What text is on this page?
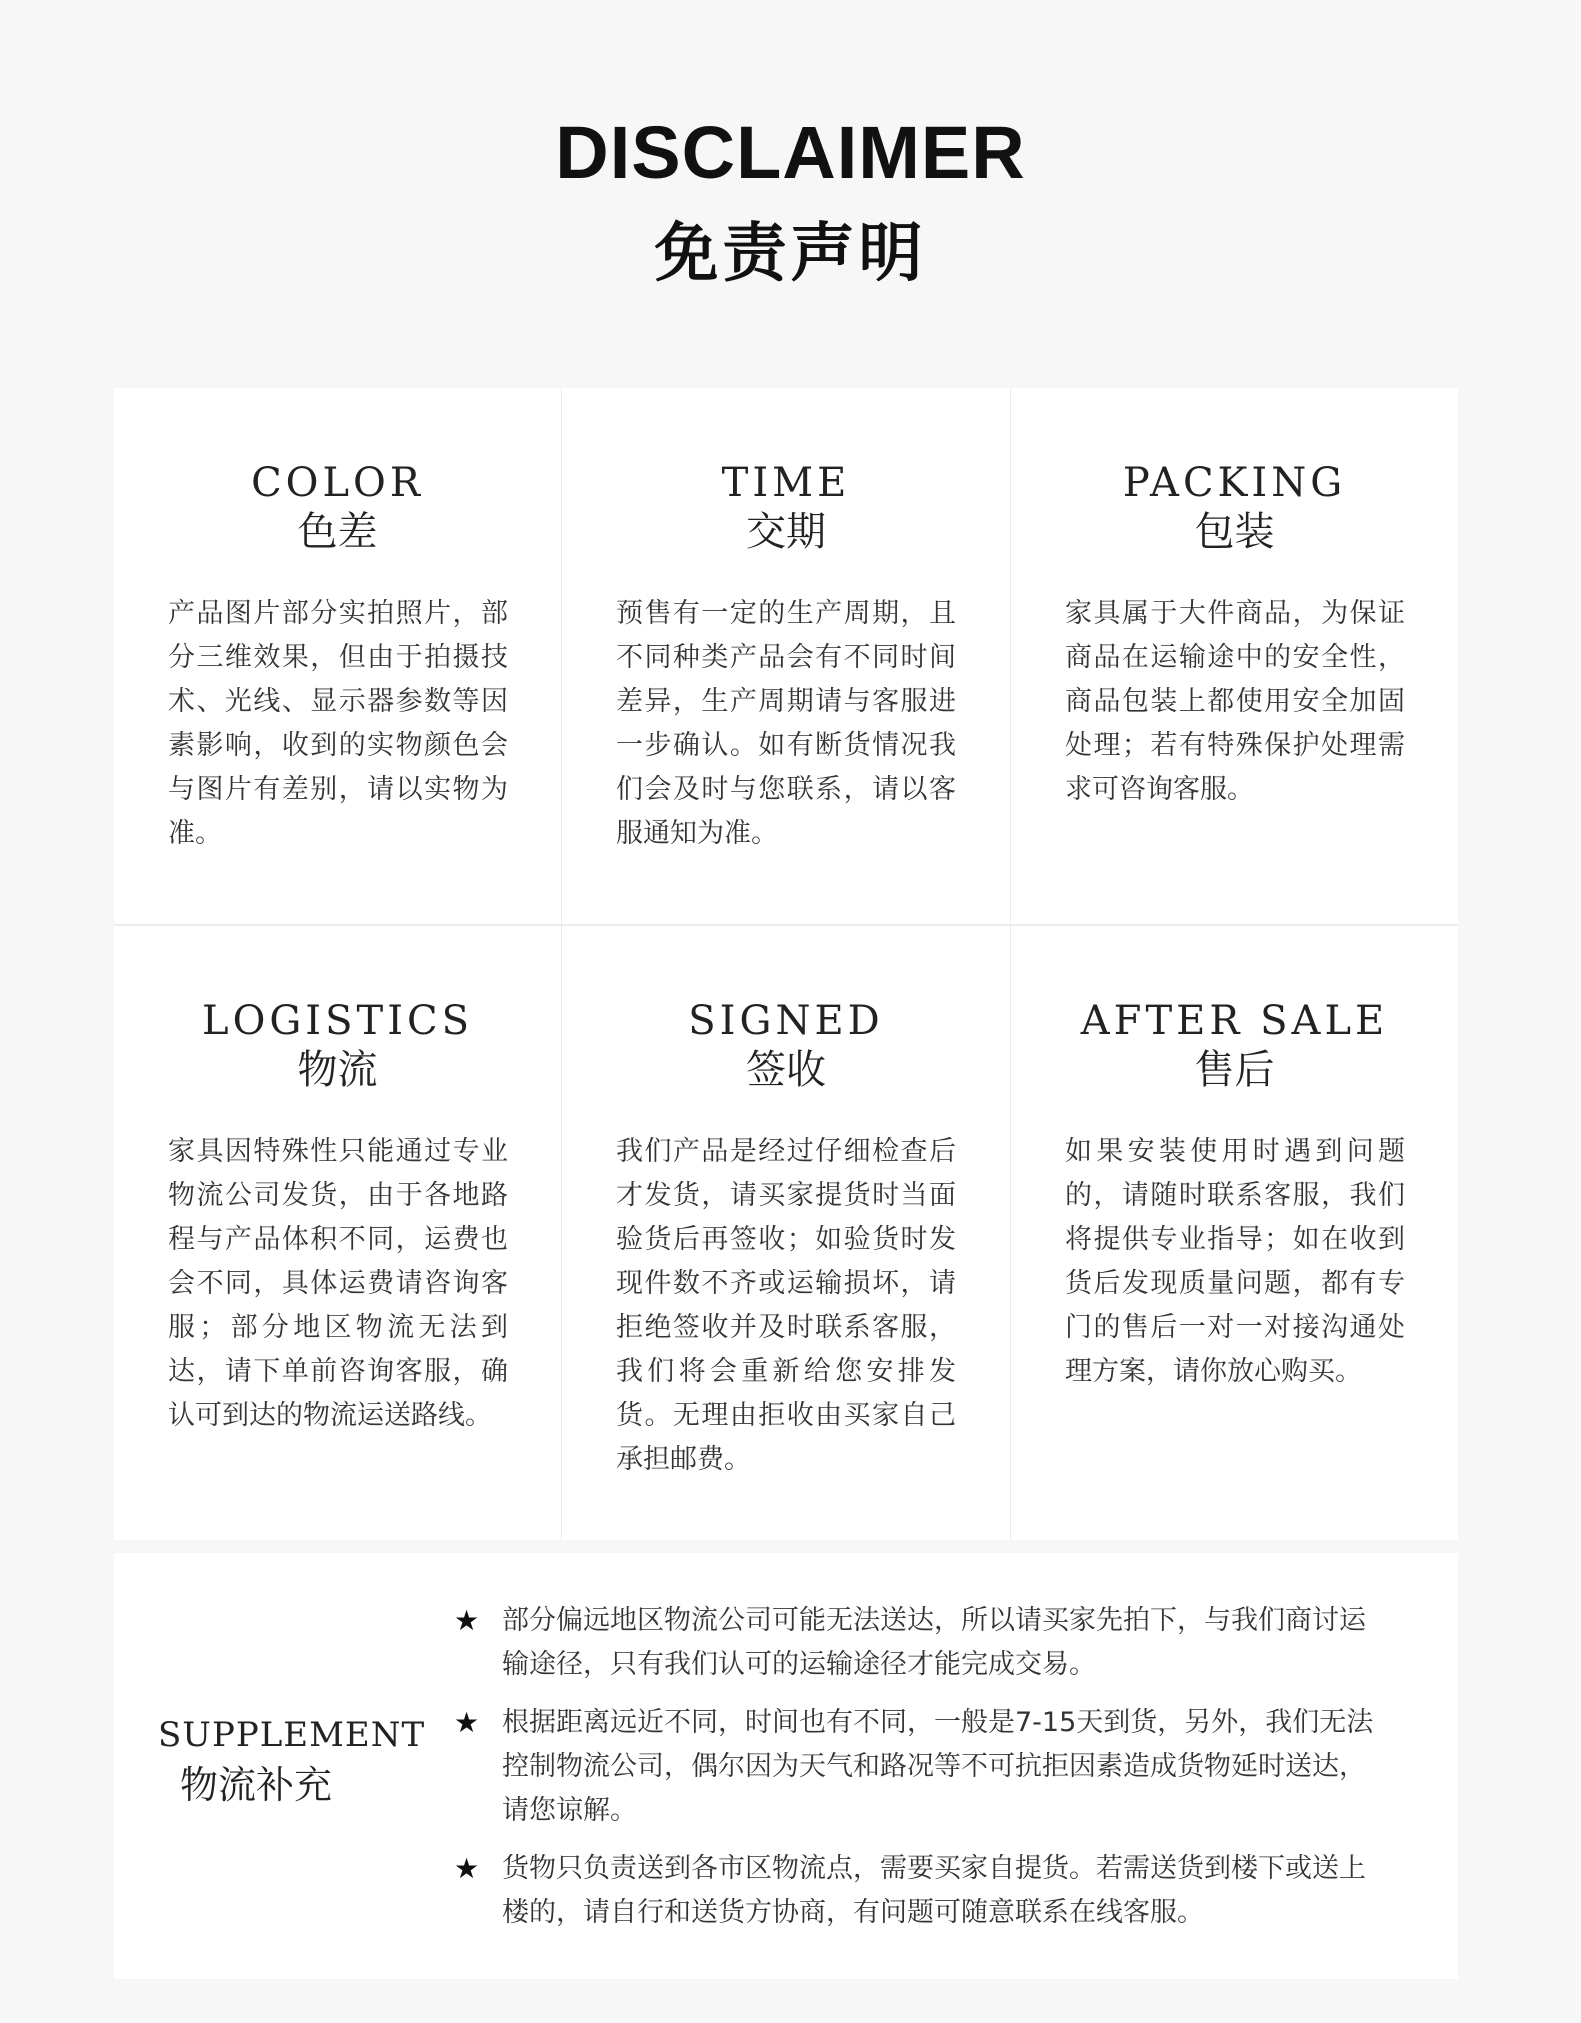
DISCLAIMER
免责声明
COLOR
色差
产品图片部分实拍照片，部分三维效果，但由于拍摄技术、光线、显示器参数等因素影响，收到的实物颜色会与图片有差别，请以实物为准。
TIME
交期
预售有一定的生产周期，且不同种类产品会有不同时间差异，生产周期请与客服进一步确认。如有断货情况我们会及时与您联系，请以客服通知为准。
PACKING
包装
家具属于大件商品，为保证商品在运输途中的安全性，商品包装上都使用安全加固处理；若有特殊保护处理需求可咨询客服。
LOGISTICS
物流
家具因特殊性只能通过专业物流公司发货，由于各地路程与产品体积不同，运费也会不同，具体运费请咨询客服；部分地区物流无法到达，请下单前咨询客服，确认可到达的物流运送路线。
SIGNED
签收
我们产品是经过仔细检查后才发货，请买家提货时当面验货后再签收；如验货时发现件数不齐或运输损坏，请拒绝签收并及时联系客服，我们将会重新给您安排发货。无理由拒收由买家自己承担邮费。
AFTER SALE
售后
如果安装使用时遇到问题的，请随时联系客服，我们将提供专业指导；如在收到货后发现质量问题，都有专门的售后一对一对接沟通处理方案，请你放心购买。
SUPPLEMENT
物流补充
★ 部分偏远地区物流公司可能无法送达，所以请买家先拍下，与我们商讨运输途径，只有我们认可的运输途径才能完成交易。
★ 根据距离远近不同，时间也有不同，一般是7-15天到货，另外，我们无法控制物流公司，偶尔因为天气和路况等不可抗拒因素造成货物延时送达，请您谅解。
★ 货物只负责送到各市区物流点，需要买家自提货。若需送货到楼下或送上楼的，请自行和送货方协商，有问题可随意联系在线客服。
